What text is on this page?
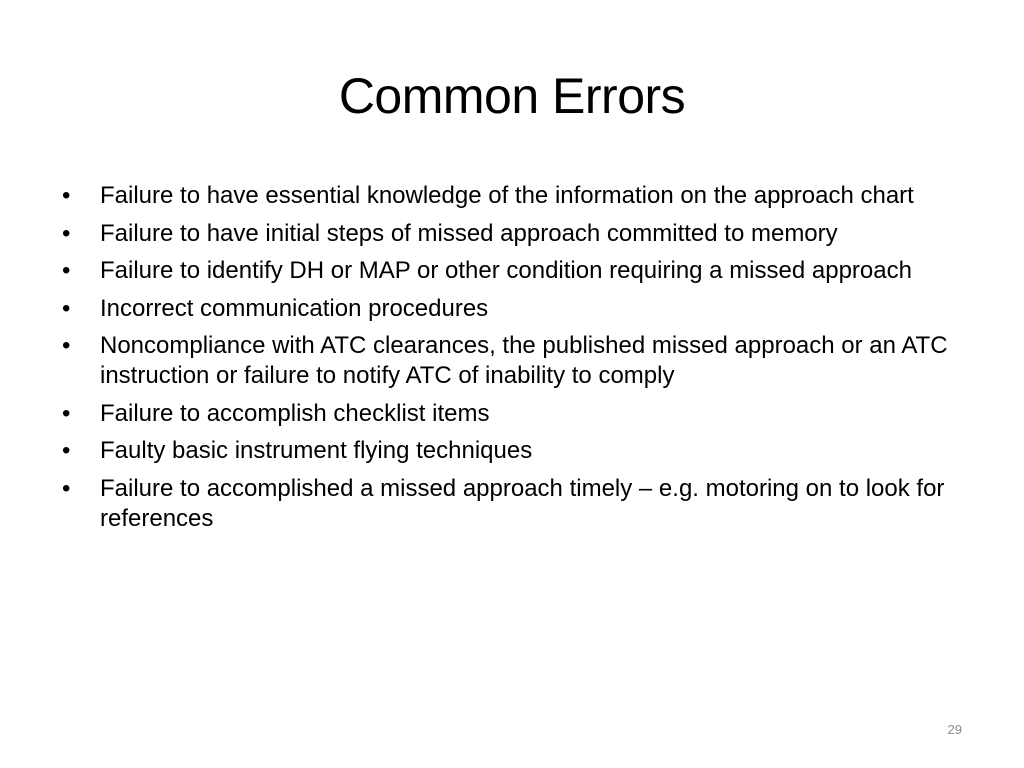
Common Errors
•	Failure to have essential knowledge of the information on the approach chart
•	Failure to have initial steps of missed approach committed to memory
•	Failure to identify DH or MAP or other condition requiring a missed approach
•	Incorrect communication procedures
•	Noncompliance with ATC clearances, the published missed approach or an ATC instruction or failure to notify ATC of inability to comply
•	Failure to accomplish checklist items
•	Faulty basic instrument flying techniques
•	Failure to accomplished a missed approach timely – e.g. motoring on to look for references
29
